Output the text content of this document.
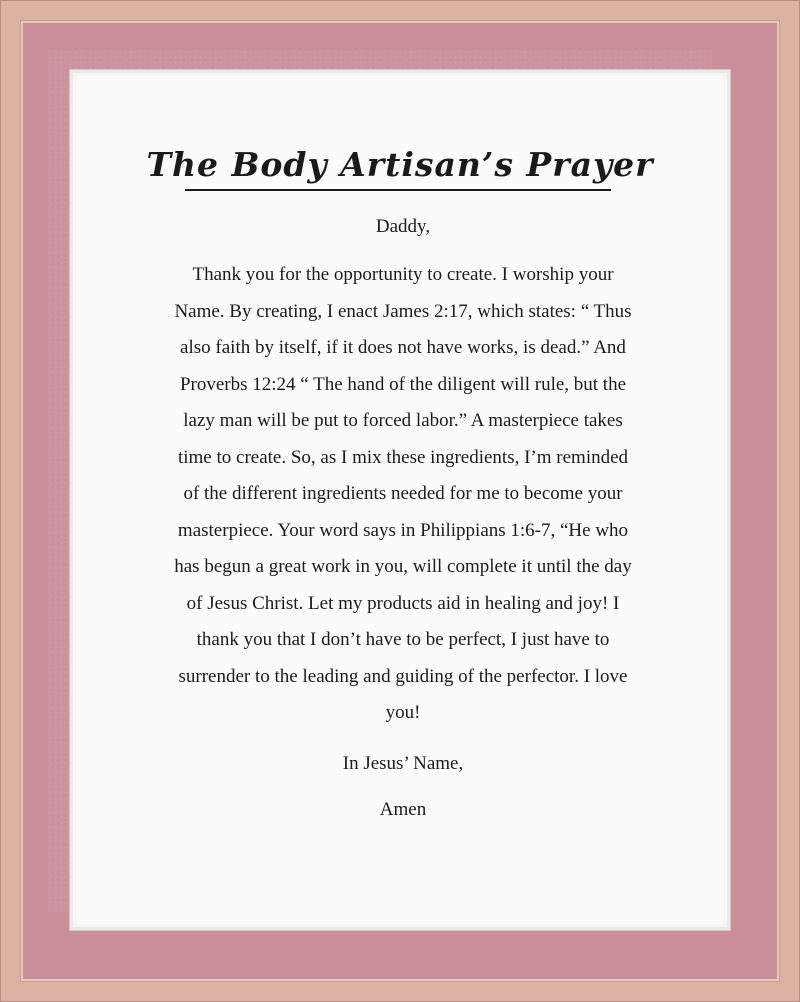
The Body Artisan’s Prayer

Daddy,

Thank you for the opportunity to create. I worship your
Name. By creating, I enact James 2:17, which states: “ Thus
also faith by itself, if it does not have works, is dead.” And
Proverbs 12:24 “ The hand of the diligent will rule, but the
lazy man will be put to forced labor.” A masterpiece takes
time to create. So, as I mix these ingredients, I’m reminded
of the different ingredients needed for me to become your
masterpiece. Your word says in Philippians 1:6-7, “He who
has begun a great work in you, will complete it until the day
of Jesus Christ. Let my products aid in healing and joy! I
thank you that I don’t have to be perfect, I just have to
surrender to the leading and guiding of the perfector. I love
you!

In Jesus’ Name,

Amen
